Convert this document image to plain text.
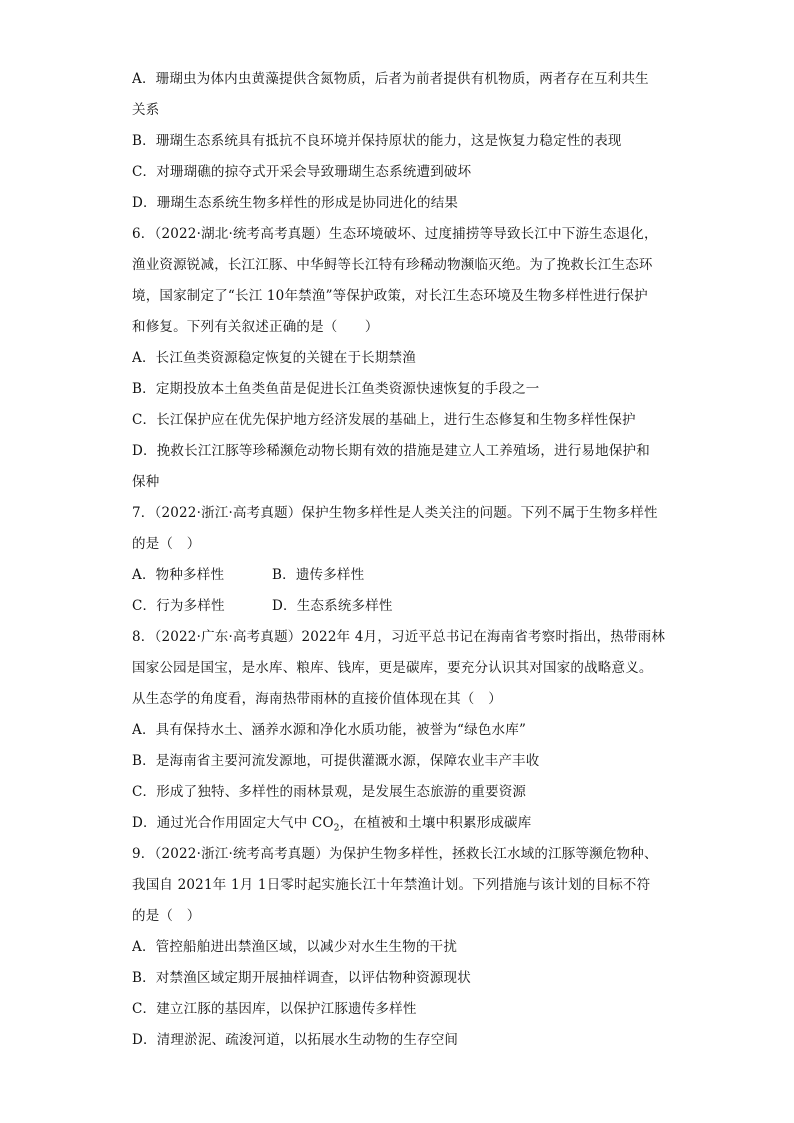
A．珊瑚虫为体内虫黄藻提供含氮物质，后者为前者提供有机物质，两者存在互利共生
关系
B．珊瑚生态系统具有抵抗不良环境并保持原状的能力，这是恢复力稳定性的表现
C．对珊瑚礁的掠夺式开采会导致珊瑚生态系统遭到破坏
D．珊瑚生态系统生物多样性的形成是协同进化的结果
6．（2022·湖北·统考高考真题）生态环境破坏、过度捕捞等导致长江中下游生态退化，
渔业资源锐减，长江江豚、中华鲟等长江特有珍稀动物濒临灭绝。为了挽救长江生态环
境，国家制定了“长江 10年禁渔”等保护政策，对长江生态环境及生物多样性进行保护
和修复。下列有关叙述正确的是（　　）
A．长江鱼类资源稳定恢复的关键在于长期禁渔
B．定期投放本土鱼类鱼苗是促进长江鱼类资源快速恢复的手段之一
C．长江保护应在优先保护地方经济发展的基础上，进行生态修复和生物多样性保护
D．挽救长江江豚等珍稀濒危动物长期有效的措施是建立人工养殖场，进行易地保护和
保种
7．（2022·浙江·高考真题）保护生物多样性是人类关注的问题。下列不属于生物多样性
的是（　）
A．物种多样性	B．遗传多样性
C．行为多样性	D．生态系统多样性
8．（2022·广东·高考真题）2022年 4月，习近平总书记在海南省考察时指出，热带雨林
国家公园是国宝，是水库、粮库、钱库，更是碳库，要充分认识其对国家的战略意义。
从生态学的角度看，海南热带雨林的直接价值体现在其（　）
A．具有保持水土、涵养水源和净化水质功能，被誉为“绿色水库”
B．是海南省主要河流发源地，可提供灌溉水源，保障农业丰产丰收
C．形成了独特、多样性的雨林景观，是发展生态旅游的重要资源
D．通过光合作用固定大气中 $CO_2$，在植被和土壤中积累形成碳库
9．（2022·浙江·统考高考真题）为保护生物多样性，拯救长江水域的江豚等濒危物种、
我国自 2021年 1月 1日零时起实施长江十年禁渔计划。下列措施与该计划的目标不符
的是（　）
A．管控船舶进出禁渔区域，以减少对水生生物的干扰
B．对禁渔区域定期开展抽样调查，以评估物种资源现状
C．建立江豚的基因库，以保护江豚遗传多样性
D．清理淤泥、疏浚河道，以拓展水生动物的生存空间
